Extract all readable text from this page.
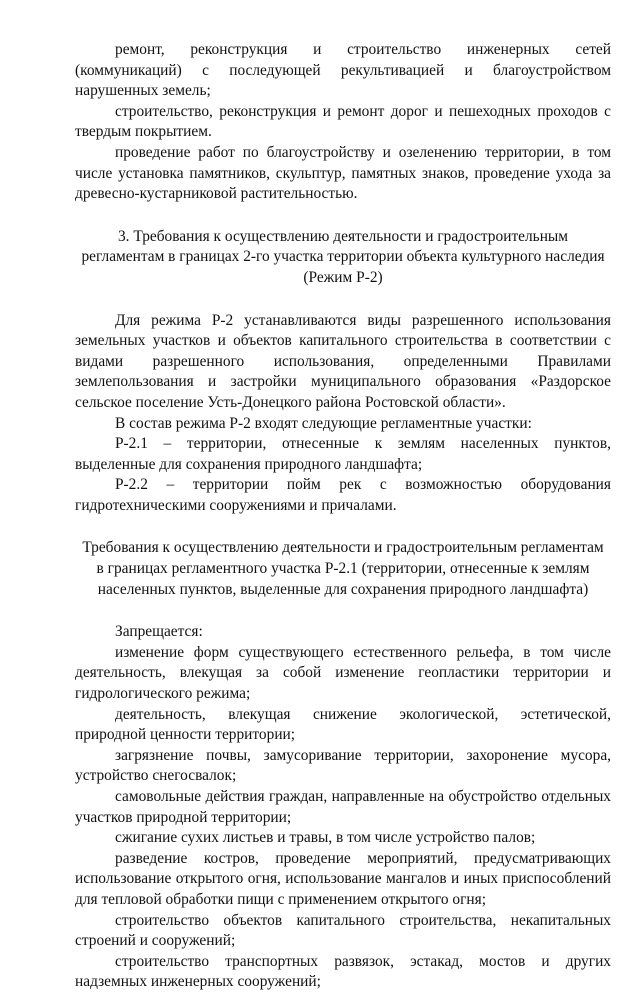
ремонт, реконструкция и строительство инженерных сетей (коммуникаций) с последующей рекультивацией и благоустройством нарушенных земель;

строительство, реконструкция и ремонт дорог и пешеходных проходов с твердым покрытием.

проведение работ по благоустройству и озеленению территории, в том числе установка памятников, скульптур, памятных знаков, проведение ухода за древесно-кустарниковой растительностью.

3. Требования к осуществлению деятельности и градостроительным
регламентам в границах 2-го участка территории объекта культурного наследия
(Режим Р-2)

Для режима Р-2 устанавливаются виды разрешенного использования земельных участков и объектов капитального строительства в соответствии с видами разрешенного использования, определенными Правилами землепользования и застройки муниципального образования «Раздорское сельское поселение Усть-Донецкого района Ростовской области».

В состав режима Р-2 входят следующие регламентные участки:

Р-2.1 – территории, отнесенные к землям населенных пунктов, выделенные для сохранения природного ландшафта;

Р-2.2 – территории пойм рек с возможностью оборудования гидротехническими сооружениями и причалами.

Требования к осуществлению деятельности и градостроительным регламентам
в границах регламентного участка Р-2.1 (территории, отнесенные к землям
населенных пунктов, выделенные для сохранения природного ландшафта)

Запрещается:

изменение форм существующего естественного рельефа, в том числе деятельность, влекущая за собой изменение геопластики территории и гидрологического режима;

деятельность, влекущая снижение экологической, эстетической, природной ценности территории;

загрязнение почвы, замусоривание территории, захоронение мусора, устройство снегосвалок;

самовольные действия граждан, направленные на обустройство отдельных участков природной территории;

сжигание сухих листьев и травы, в том числе устройство палов;

разведение костров, проведение мероприятий, предусматривающих использование открытого огня, использование мангалов и иных приспособлений для тепловой обработки пищи с применением открытого огня;

строительство объектов капитального строительства, некапитальных строений и сооружений;

строительство транспортных развязок, эстакад, мостов и других надземных инженерных сооружений;
